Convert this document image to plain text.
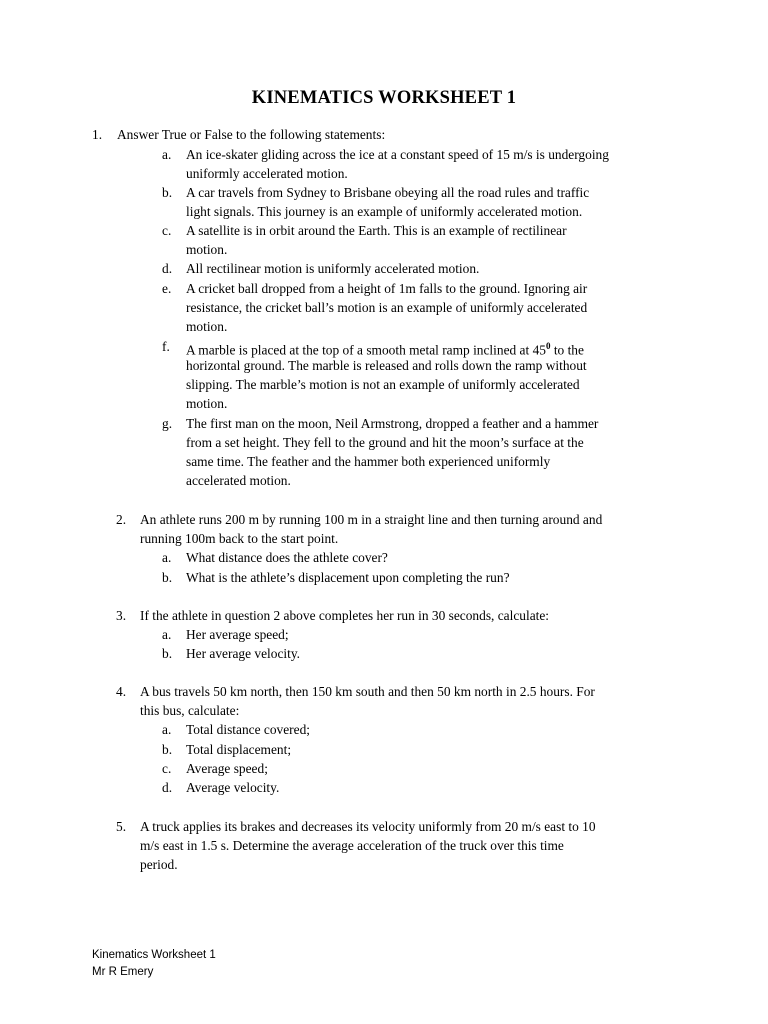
KINEMATICS WORKSHEET 1
1. Answer True or False to the following statements:
a. An ice-skater gliding across the ice at a constant speed of 15 m/s is undergoing
uniformly accelerated motion.
b. A car travels from Sydney to Brisbane obeying all the road rules and traffic
light signals. This journey is an example of uniformly accelerated motion.
c. A satellite is in orbit around the Earth. This is an example of rectilinear
motion.
d. All rectilinear motion is uniformly accelerated motion.
e. A cricket ball dropped from a height of 1m falls to the ground. Ignoring air
resistance, the cricket ball’s motion is an example of uniformly accelerated
motion.
f. A marble is placed at the top of a smooth metal ramp inclined at $45^0$ to the
horizontal ground. The marble is released and rolls down the ramp without
slipping. The marble’s motion is not an example of uniformly accelerated
motion.
g. The first man on the moon, Neil Armstrong, dropped a feather and a hammer
from a set height. They fell to the ground and hit the moon’s surface at the
same time. The feather and the hammer both experienced uniformly
accelerated motion.
2. An athlete runs 200 m by running 100 m in a straight line and then turning around and
running 100m back to the start point.
a. What distance does the athlete cover?
b. What is the athlete’s displacement upon completing the run?
3. If the athlete in question 2 above completes her run in 30 seconds, calculate:
a. Her average speed;
b. Her average velocity.
4. A bus travels 50 km north, then 150 km south and then 50 km north in 2.5 hours. For
this bus, calculate:
a. Total distance covered;
b. Total displacement;
c. Average speed;
d. Average velocity.
5. A truck applies its brakes and decreases its velocity uniformly from 20 m/s east to 10
m/s east in 1.5 s. Determine the average acceleration of the truck over this time
period.
Kinematics Worksheet 1
Mr R Emery
